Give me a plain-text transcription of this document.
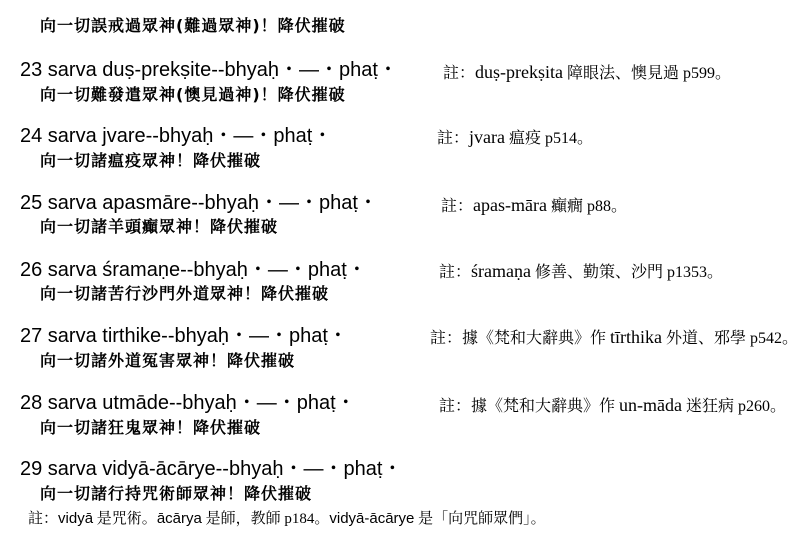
向一切誤戒過眾神(難過眾神)！降伏摧破
23 sarva duṣ-prekṣite--bhyaḥ・—・phaṭ・	註：duṣ-prekṣita 障眼法、懊見過 p599。
向一切難發遣眾神(懊見過神)！降伏摧破
24 sarva jvare--bhyaḥ・—・phaṭ・	註：jvara 瘟疫 p514。
向一切諸瘟疫眾神！降伏摧破
25 sarva apasmāre--bhyaḥ・—・phaṭ・	註：apas-māra 癲癇 p88。
向一切諸羊頭癲眾神！降伏摧破
26 sarva śramaṇe--bhyaḥ・—・phaṭ・	註：śramaṇa 修善、勤策、沙門 p1353。
向一切諸苦行沙門外道眾神！降伏摧破
27 sarva tirthike--bhyaḥ・—・phaṭ・	註：據《梵和大辭典》作 tīrthika 外道、邪學 p542。
向一切諸外道冤害眾神！降伏摧破
28 sarva utmāde--bhyaḥ・—・phaṭ・	註：據《梵和大辭典》作 un-māda 迷狂病 p260。
向一切諸狂鬼眾神！降伏摧破
29 sarva vidyā-ācārye--bhyaḥ・—・phaṭ・
向一切諸行持咒術師眾神！降伏摧破
註：vidyā 是咒術。ācārya 是師，教師 p184。vidyā-ācārye 是「向咒師眾們」。
